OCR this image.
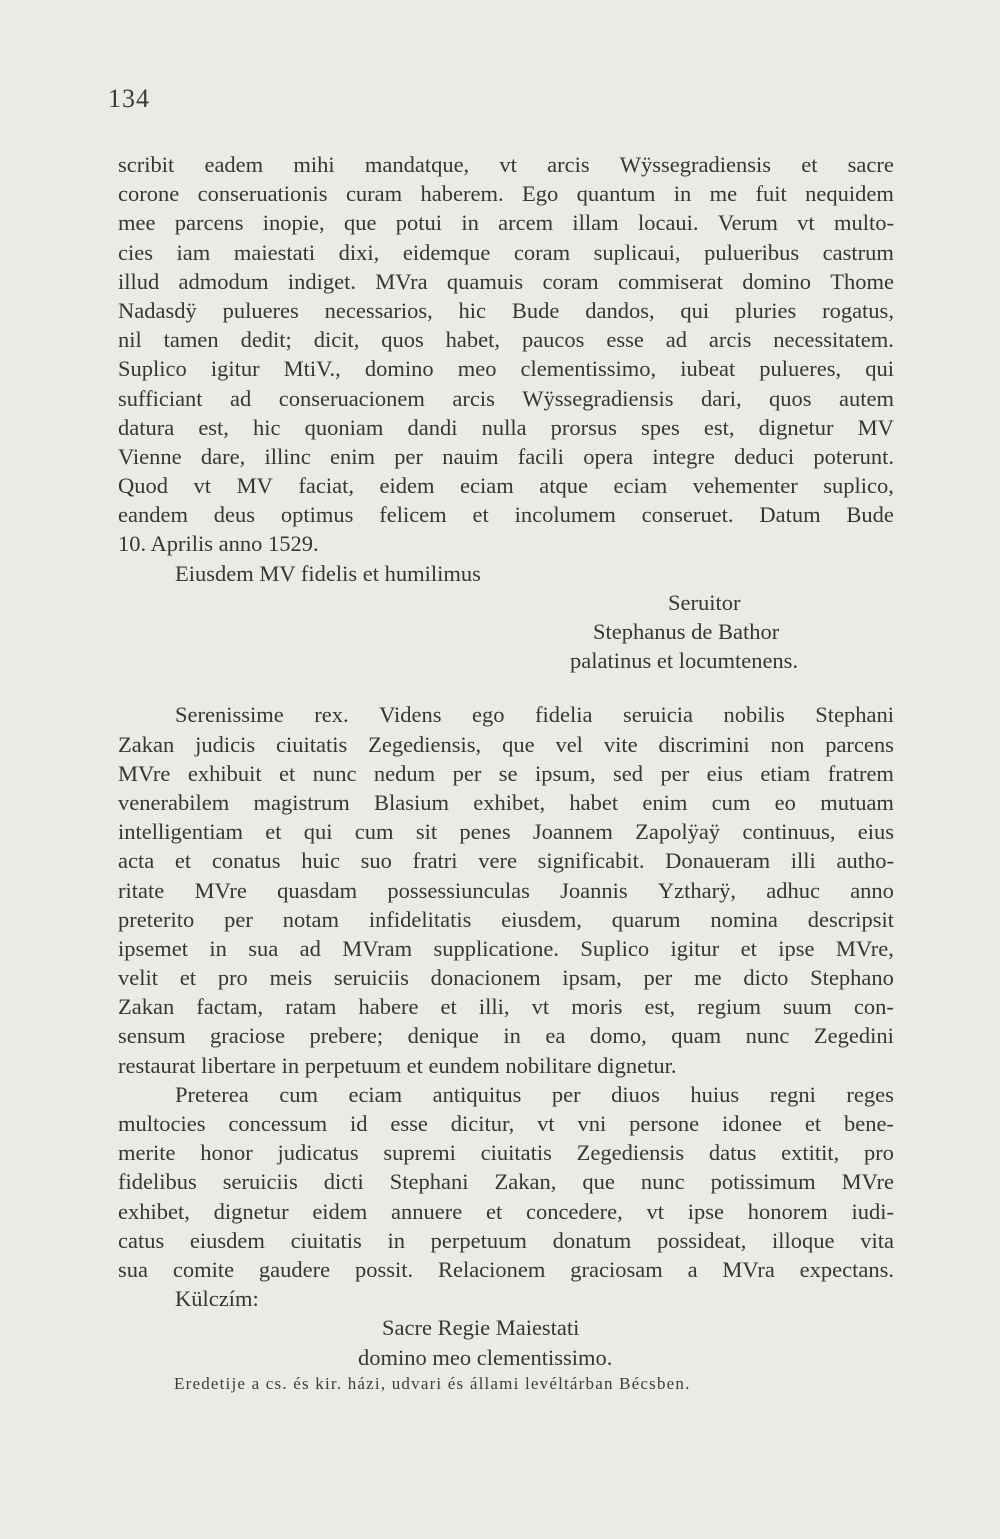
134
scribit eadem mihi mandatque, vt arcis Wÿssegradiensis et sacre
corone conseruationis curam haberem. Ego quantum in me fuit nequidem
mee parcens inopie, que potui in arcem illam locaui. Verum vt multo-
cies iam maiestati dixi, eidemque coram suplicaui, pulueribus castrum
illud admodum indiget. MVra quamuis coram commiserat domino Thome
Nadasdÿ pulueres necessarios, hic Bude dandos, qui pluries rogatus,
nil tamen dedit; dicit, quos habet, paucos esse ad arcis necessitatem.
Suplico igitur MtiV., domino meo clementissimo, iubeat pulueres, qui
sufficiant ad conseruacionem arcis Wÿssegradiensis dari, quos autem
datura est, hic quoniam dandi nulla prorsus spes est, dignetur MV
Vienne dare, illinc enim per nauim facili opera integre deduci poterunt.
Quod vt MV faciat, eidem eciam atque eciam vehementer suplico,
eandem deus optimus felicem et incolumem conseruet. Datum Bude
10. Aprilis anno 1529.
Eiusdem MV fidelis et humilimus
Seruitor
Stephanus de Bathor
palatinus et locumtenens.
Serenissime rex. Videns ego fidelia seruicia nobilis Stephani
Zakan judicis ciuitatis Zegediensis, que vel vite discrimini non parcens
MVre exhibuit et nunc nedum per se ipsum, sed per eius etiam fratrem
venerabilem magistrum Blasium exhibet, habet enim cum eo mutuam
intelligentiam et qui cum sit penes Joannem Zapolÿaÿ continuus, eius
acta et conatus huic suo fratri vere significabit. Donaueram illi autho-
ritate MVre quasdam possessiunculas Joannis Yztharÿ, adhuc anno
preterito per notam infidelitatis eiusdem, quarum nomina descripsit
ipsemet in sua ad MVram supplicatione. Suplico igitur et ipse MVre,
velit et pro meis seruiciis donacionem ipsam, per me dicto Stephano
Zakan factam, ratam habere et illi, vt moris est, regium suum con-
sensum graciose prebere; denique in ea domo, quam nunc Zegedini
restaurat libertare in perpetuum et eundem nobilitare dignetur.
Preterea cum eciam antiquitus per diuos huius regni reges
multocies concessum id esse dicitur, vt vni persone idonee et bene-
merite honor judicatus supremi ciuitatis Zegediensis datus extitit, pro
fidelibus seruiciis dicti Stephani Zakan, que nunc potissimum MVre
exhibet, dignetur eidem annuere et concedere, vt ipse honorem iudi-
catus eiusdem ciuitatis in perpetuum donatum possideat, illoque vita
sua comite gaudere possit. Relacionem graciosam a MVra expectans.
Külczím:
Sacre Regie Maiestati
domino meo clementissimo.
Eredetije a cs. és kir. házi, udvari és állami levéltárban Bécsben.
